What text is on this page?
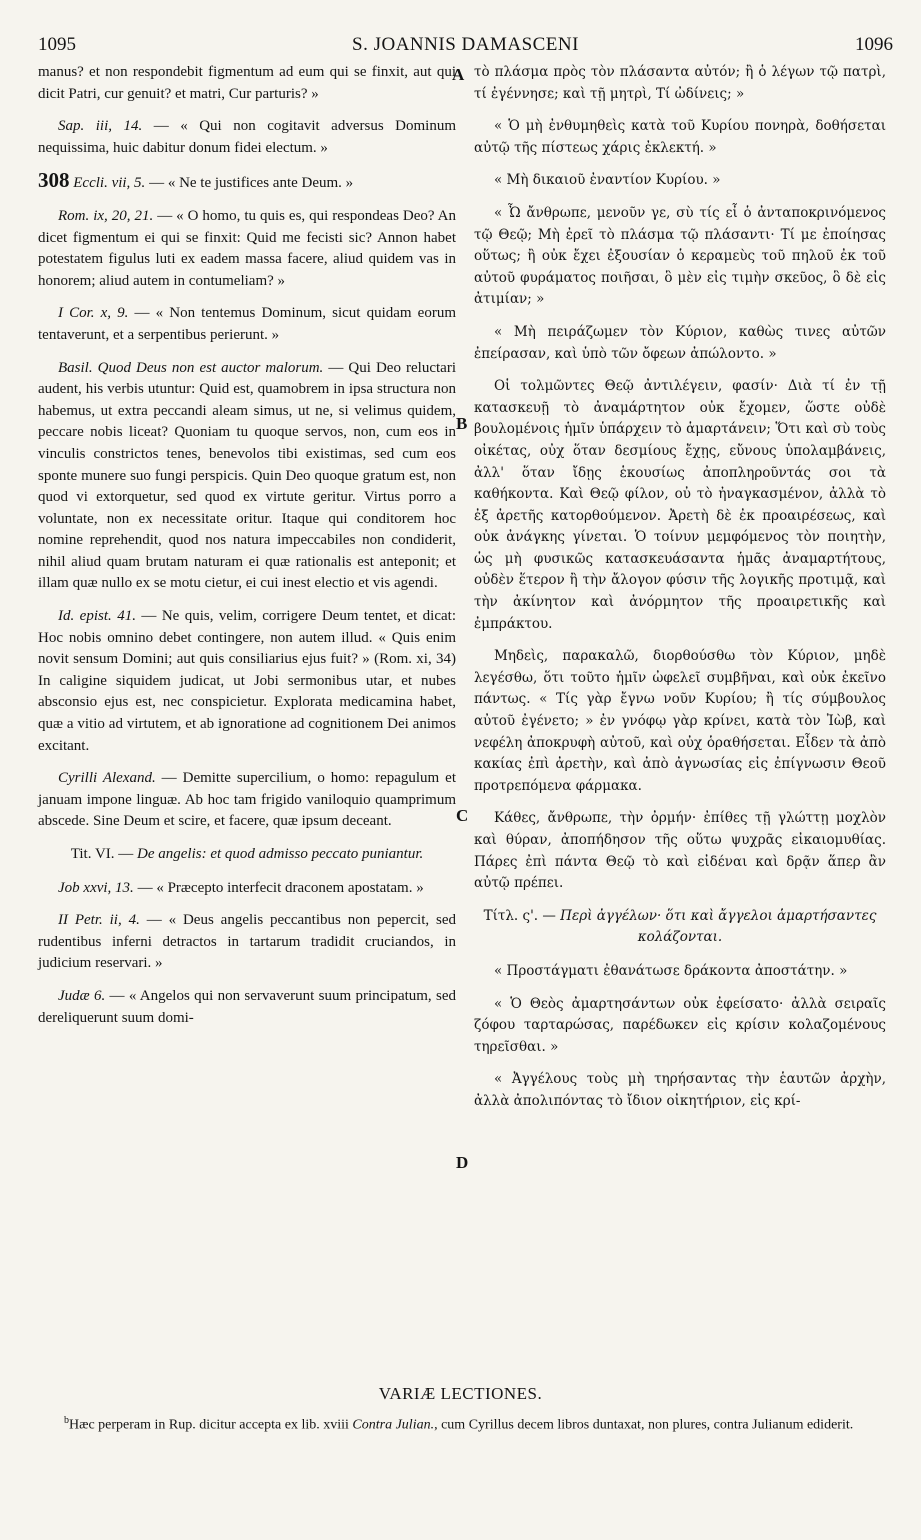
1095	S. JOANNIS DAMASCENI	1096
A
B
C
D

manus? et non respondebit figmentum ad eum qui se finxit, aut qui dicit Patri, cur genuit? et matri, Cur parturis? »

Sap. iii, 14. — « Qui non cogitavit adversus Dominum nequissima, huic dabitur donum fidei electum. »

308 Eccli. vii, 5. — « Ne te justifices ante Deum. »

Rom. ix, 20, 21. — « O homo, tu quis es, qui respondeas Deo? An dicet figmentum ei qui se finxit: Quid me fecisti sic? Annon habet potestatem figulus luti ex eadem massa facere, aliud quidem vas in honorem; aliud autem in contumeliam? »

I Cor. x, 9. — « Non tentemus Dominum, sicut quidam eorum tentaverunt, et a serpentibus perierunt. »

Basil. Quod Deus non est auctor malorum. — Qui Deo reluctari audent, his verbis utuntur: Quid est, quamobrem in ipsa structura non habemus, ut extra peccandi aleam simus, ut ne, si velimus quidem, peccare nobis liceat? Quoniam tu quoque servos, non, cum eos in vinculis constrictos tenes, benevolos tibi existimas, sed cum eos sponte munere suo fungi perspicis. Quin Deo quoque gratum est, non quod vi extorquetur, sed quod ex virtute geritur. Virtus porro a voluntate, non ex necessitate oritur. Itaque qui conditorem hoc nomine reprehendit, quod nos natura impeccabiles non condiderit, nihil aliud quam brutam naturam ei quæ rationalis est anteponit; et illam quæ nullo ex se motu cietur, ei cui inest electio et vis agendi.

Id. epist. 41. — Ne quis, velim, corrigere Deum tentet, et dicat: Hoc nobis omnino debet contingere, non autem illud. « Quis enim novit sensum Domini; aut quis consiliarius ejus fuit? » (Rom. xi, 34) In caligine siquidem judicat, ut Jobi sermonibus utar, et nubes absconsio ejus est, nec conspicietur. Explorata medicamina habet, quæ a vitio ad virtutem, et ab ignoratione ad cognitionem Dei animos excitant.

Cyrilli Alexand. — Demitte supercilium, o homo: repagulum et januam impone linguæ. Ab hoc tam frigido vaniloquio quamprimum abscede. Sine Deum et scire, et facere, quæ ipsum deceant.

Tit. VI. — De angelis: et quod admisso peccato puniantur.

Job xxvi, 13. — « Præcepto interfecit draconem apostatam. »

II Petr. ii, 4. — « Deus angelis peccantibus non pepercit, sed rudentibus inferni detractos in tartarum tradidit cruciandos, in judicium reservari. »

Judæ 6. — « Angelos qui non servaverunt suum principatum, sed dereliquerunt suum domi-

τὸ πλάσμα πρὸς τὸν πλάσαντα αὐτόν; ἢ ὁ λέγων τῷ πατρὶ, τί ἐγέννησε; καὶ τῇ μητρὶ, Τί ὠδίνεις; »

« Ὁ μὴ ἐνθυμηθεὶς κατὰ τοῦ Κυρίου πονηρὰ, δοθήσεται αὐτῷ τῆς πίστεως χάρις ἐκλεκτή. »

« Μὴ δικαιοῦ ἐναντίον Κυρίου. »

« Ὦ ἄνθρωπε, μενοῦν γε, σὺ τίς εἶ ὁ ἀνταποκρινόμενος τῷ Θεῷ; Μὴ ἐρεῖ τὸ πλάσμα τῷ πλάσαντι· Τί με ἐποίησας οὕτως; ἢ οὐκ ἔχει ἐξουσίαν ὁ κεραμεὺς τοῦ πηλοῦ ἐκ τοῦ αὐτοῦ φυράματος ποιῆσαι, ὃ μὲν εἰς τιμὴν σκεῦος, ὃ δὲ εἰς ἀτιμίαν; »

« Μὴ πειράζωμεν τὸν Κύριον, καθὼς τινες αὐτῶν ἐπείρασαν, καὶ ὑπὸ τῶν ὄφεων ἀπώλοντο. »

Οἱ τολμῶντες Θεῷ ἀντιλέγειν, φασίν· Διὰ τί ἐν τῇ κατασκευῇ τὸ ἀναμάρτητον οὐκ ἔχομεν, ὥστε οὐδὲ βουλομένοις ἡμῖν ὑπάρχειν τὸ ἁμαρτάνειν; Ὅτι καὶ σὺ τοὺς οἰκέτας, οὐχ ὅταν δεσμίους ἔχῃς, εὔνους ὑπολαμβάνεις, ἀλλ' ὅταν ἴδῃς ἑκουσίως ἀποπληροῦντάς σοι τὰ καθήκοντα. Καὶ Θεῷ φίλον, οὐ τὸ ἠναγκασμένον, ἀλλὰ τὸ ἐξ ἀρετῆς κατορθούμενον. Ἀρετὴ δὲ ἐκ προαιρέσεως, καὶ οὐκ ἀνάγκης γίνεται. Ὁ τοίνυν μεμφόμενος τὸν ποιητὴν, ὡς μὴ φυσικῶς κατασκευάσαντα ἡμᾶς ἀναμαρτήτους, οὐδὲν ἕτερον ἢ τὴν ἄλογον φύσιν τῆς λογικῆς προτιμᾷ, καὶ τὴν ἀκίνητον καὶ ἀνόρμητον τῆς προαιρετικῆς καὶ ἐμπράκτου.

Μηδεὶς, παρακαλῶ, διορθούσθω τὸν Κύριον, μηδὲ λεγέσθω, ὅτι τοῦτο ἡμῖν ὠφελεῖ συμβῆναι, καὶ οὐκ ἐκεῖνο πάντως. « Τίς γὰρ ἔγνω νοῦν Κυρίου; ἢ τίς σύμβουλος αὐτοῦ ἐγένετο; » ἐν γνόφῳ γὰρ κρίνει, κατὰ τὸν Ἰὼβ, καὶ νεφέλη ἀποκρυφὴ αὐτοῦ, καὶ οὐχ ὁραθήσεται. Εἶδεν τὰ ἀπὸ κακίας ἐπὶ ἀρετὴν, καὶ ἀπὸ ἀγνωσίας εἰς ἐπίγνωσιν Θεοῦ προτρεπόμενα φάρμακα.

Κάθες, ἄνθρωπε, τὴν ὀρμήν· ἐπίθες τῇ γλώττῃ μοχλὸν καὶ θύραν, ἀποπήδησον τῆς οὕτω ψυχρᾶς εἰκαιομυθίας. Πάρες ἐπὶ πάντα Θεῷ τὸ καὶ εἰδέναι καὶ δρᾷν ἅπερ ἂν αὐτῷ πρέπει.

Τίτλ. ς'. — Περὶ ἀγγέλων· ὅτι καὶ ἄγγελοι ἁμαρτήσαντες κολάζονται.

« Προστάγματι ἐθανάτωσε δράκοντα ἀποστάτην. »

« Ὁ Θεὸς ἀμαρτησάντων οὐκ ἐφείσατο· ἀλλὰ σειραῖς ζόφου ταρταρώσας, παρέδωκεν εἰς κρίσιν κολαζομένους τηρεῖσθαι. »

« Ἀγγέλους τοὺς μὴ τηρήσαντας τὴν ἑαυτῶν ἀρχὴν, ἀλλὰ ἀπολιπόντας τὸ ἴδιον οἰκητήριον, εἰς κρί-

VARIÆ LECTIONES.
$^b$Hæc perperam in Rup. dicitur accepta ex lib. xviii Contra Julian., cum Cyrillus decem libros duntaxat, non plures, contra Julianum ediderit.
